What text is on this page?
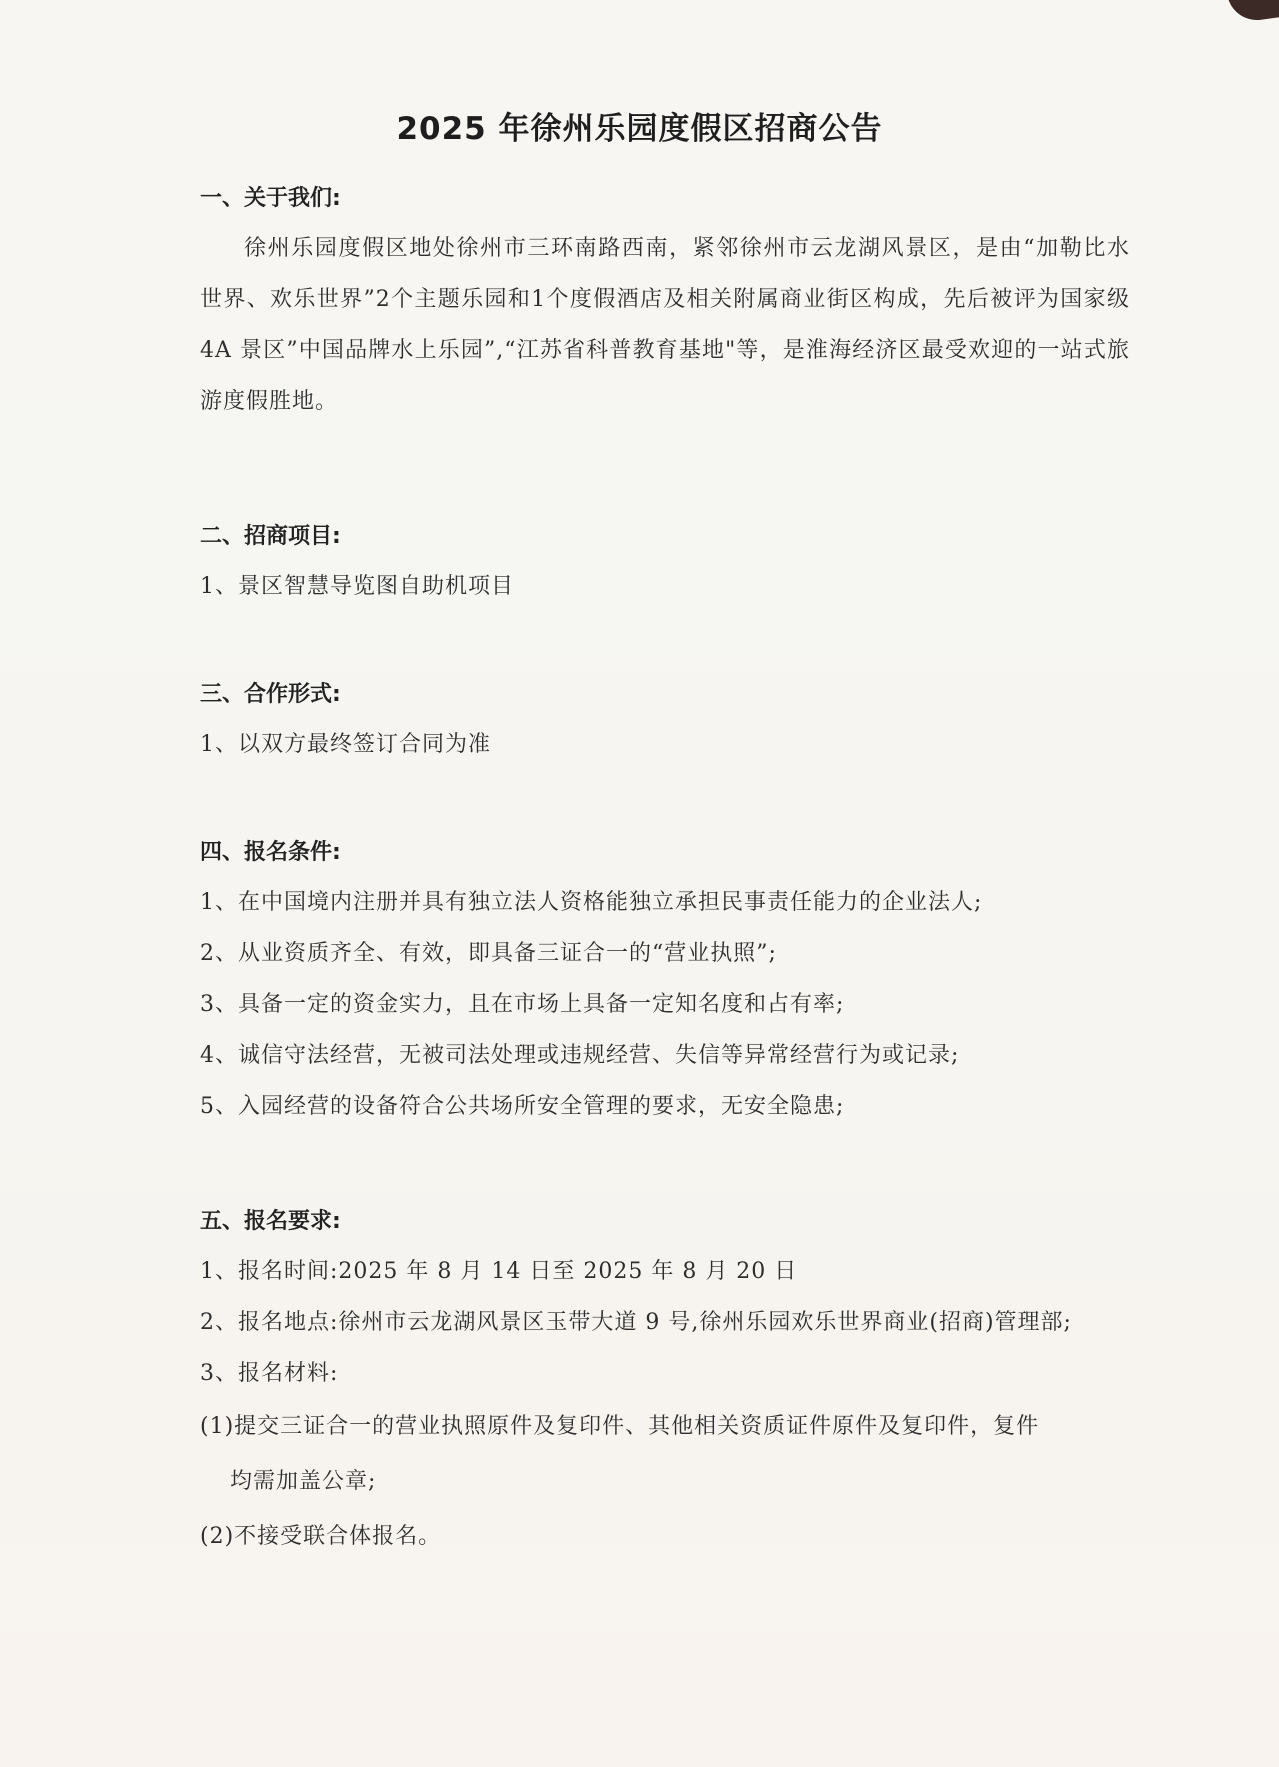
2025 年徐州乐园度假区招商公告
一、关于我们:
徐州乐园度假区地处徐州市三环南路西南，紧邻徐州市云龙湖风景区，是由“加勒比水世界、欢乐世界”2个主题乐园和1个度假酒店及相关附属商业街区构成，先后被评为国家级 4A 景区”中国品牌水上乐园”,“江苏省科普教育基地"等，是淮海经济区最受欢迎的一站式旅游度假胜地。
二、招商项目:
1、景区智慧导览图自助机项目
三、合作形式:
1、以双方最终签订合同为准
四、报名条件:
1、在中国境内注册并具有独立法人资格能独立承担民事责任能力的企业法人;
2、从业资质齐全、有效，即具备三证合一的“营业执照”;
3、具备一定的资金实力，且在市场上具备一定知名度和占有率;
4、诚信守法经营，无被司法处理或违规经营、失信等异常经营行为或记录;
5、入园经营的设备符合公共场所安全管理的要求，无安全隐患;
五、报名要求:
1、报名时间:2025 年 8 月 14 日至 2025 年 8 月 20 日
2、报名地点:徐州市云龙湖风景区玉带大道 9 号,徐州乐园欢乐世界商业(招商)管理部;
3、报名材料:
(1)提交三证合一的营业执照原件及复印件、其他相关资质证件原件及复印件，复件
均需加盖公章;
(2)不接受联合体报名。
